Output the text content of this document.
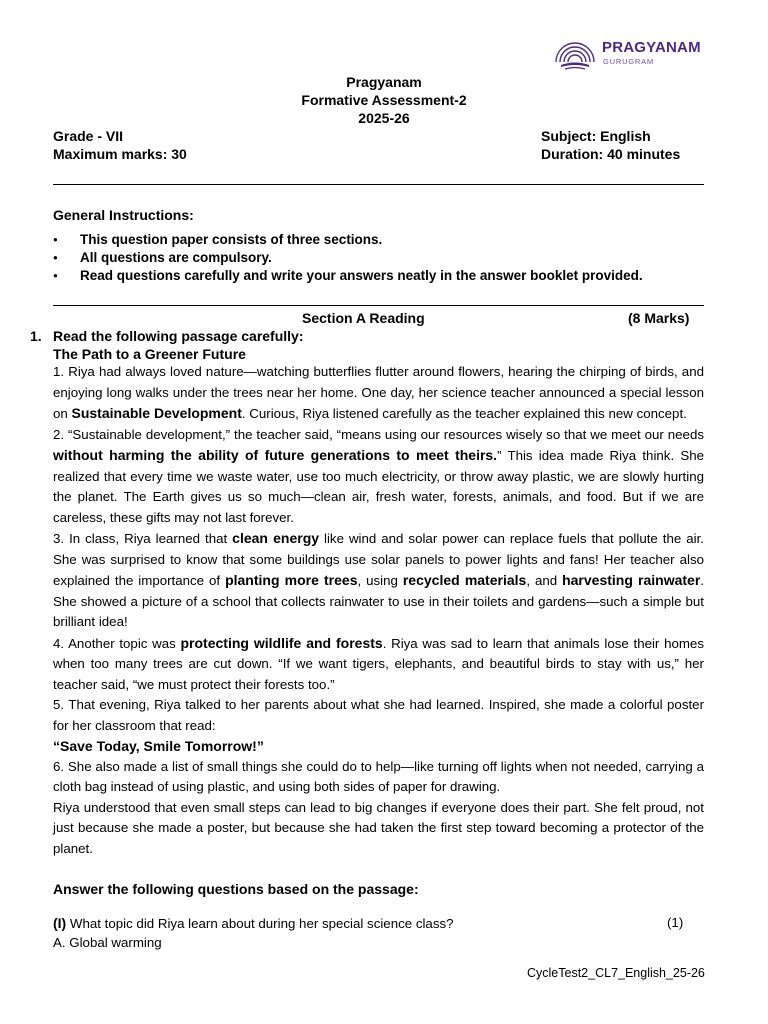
PRAGYANAM
GURUGRAM
Pragyanam
Formative Assessment-2
2025-26
Grade - VII
Maximum marks: 30
Subject: English
Duration: 40 minutes
General Instructions:
● This question paper consists of three sections.
● All questions are compulsory.
● Read questions carefully and write your answers neatly in the answer booklet provided.
Section A Reading	(8 Marks)
1. Read the following passage carefully:
The Path to a Greener Future

1. Riya had always loved nature—watching butterflies flutter around flowers, hearing the chirping of birds, and enjoying long walks under the trees near her home. One day, her science teacher announced a special lesson on Sustainable Development. Curious, Riya listened carefully as the teacher explained this new concept.

2. “Sustainable development,” the teacher said, “means using our resources wisely so that we meet our needs without harming the ability of future generations to meet theirs.” This idea made Riya think. She realized that every time we waste water, use too much electricity, or throw away plastic, we are slowly hurting the planet. The Earth gives us so much—clean air, fresh water, forests, animals, and food. But if we are careless, these gifts may not last forever.

3. In class, Riya learned that clean energy like wind and solar power can replace fuels that pollute the air. She was surprised to know that some buildings use solar panels to power lights and fans! Her teacher also explained the importance of planting more trees, using recycled materials, and harvesting rainwater. She showed a picture of a school that collects rainwater to use in their toilets and gardens—such a simple but brilliant idea!

4. Another topic was protecting wildlife and forests. Riya was sad to learn that animals lose their homes when too many trees are cut down. “If we want tigers, elephants, and beautiful birds to stay with us,” her teacher said, “we must protect their forests too.”

5. That evening, Riya talked to her parents about what she had learned. Inspired, she made a colorful poster for her classroom that read:

“Save Today, Smile Tomorrow!”

6. She also made a list of small things she could do to help—like turning off lights when not needed, carrying a cloth bag instead of using plastic, and using both sides of paper for drawing.

Riya understood that even small steps can lead to big changes if everyone does their part. She felt proud, not just because she made a poster, but because she had taken the first step toward becoming a protector of the planet.

Answer the following questions based on the passage:
(I) What topic did Riya learn about during her special science class?	(1)
A. Global warming
CycleTest2_CL7_English_25-26
